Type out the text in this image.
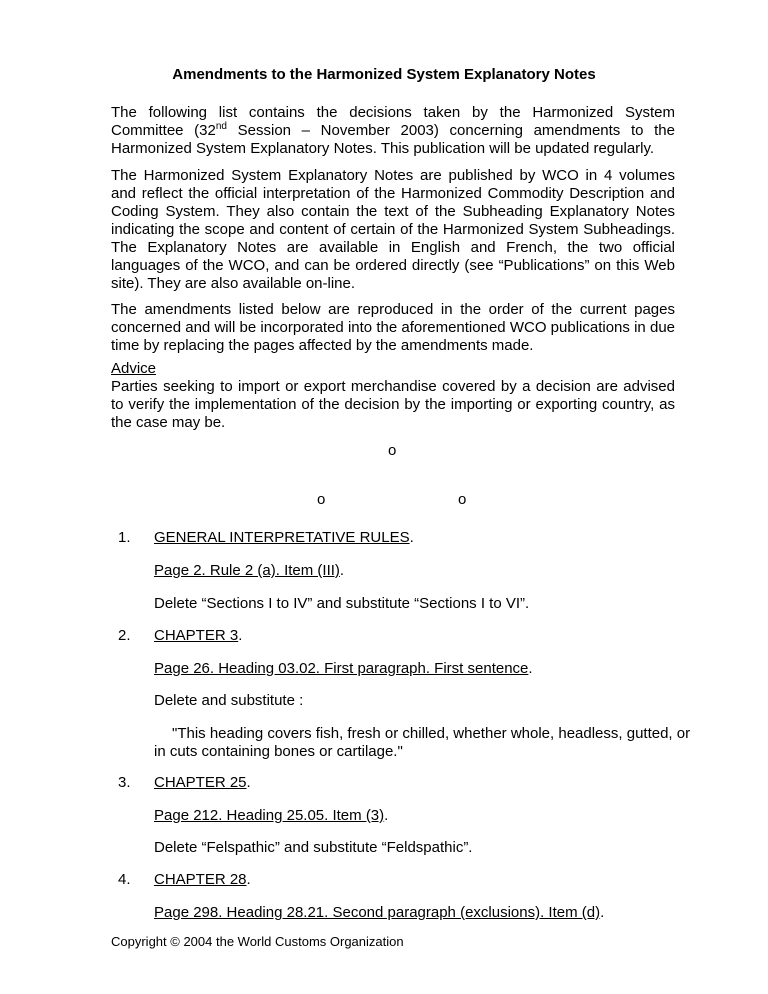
Amendments to the Harmonized System Explanatory Notes

The following list contains the decisions taken by the Harmonized System Committee (32nd Session – November 2003) concerning amendments to the Harmonized System Explanatory Notes. This publication will be updated regularly.

The Harmonized System Explanatory Notes are published by WCO in 4 volumes and reflect the official interpretation of the Harmonized Commodity Description and Coding System. They also contain the text of the Subheading Explanatory Notes indicating the scope and content of certain of the Harmonized System Subheadings. The Explanatory Notes are available in English and French, the two official languages of the WCO, and can be ordered directly (see “Publications” on this Web site). They are also available on-line.

The amendments listed below are reproduced in the order of the current pages concerned and will be incorporated into the aforementioned WCO publications in due time by replacing the pages affected by the amendments made.

Advice
Parties seeking to import or export merchandise covered by a decision are advised to verify the implementation of the decision by the importing or exporting country, as the case may be.

o
o	o
1. GENERAL INTERPRETATIVE RULES.
Page 2. Rule 2 (a). Item (III).
Delete “Sections I to IV” and substitute “Sections I to VI”.
2. CHAPTER 3.
Page 26. Heading 03.02. First paragraph. First sentence.
Delete and substitute :
"This heading covers fish, fresh or chilled, whether whole, headless, gutted, or in cuts containing bones or cartilage."
3. CHAPTER 25.
Page 212. Heading 25.05. Item (3).
Delete “Felspathic” and substitute “Feldspathic”.
4. CHAPTER 28.
Page 298. Heading 28.21. Second paragraph (exclusions). Item (d).
Copyright © 2004 the World Customs Organization
